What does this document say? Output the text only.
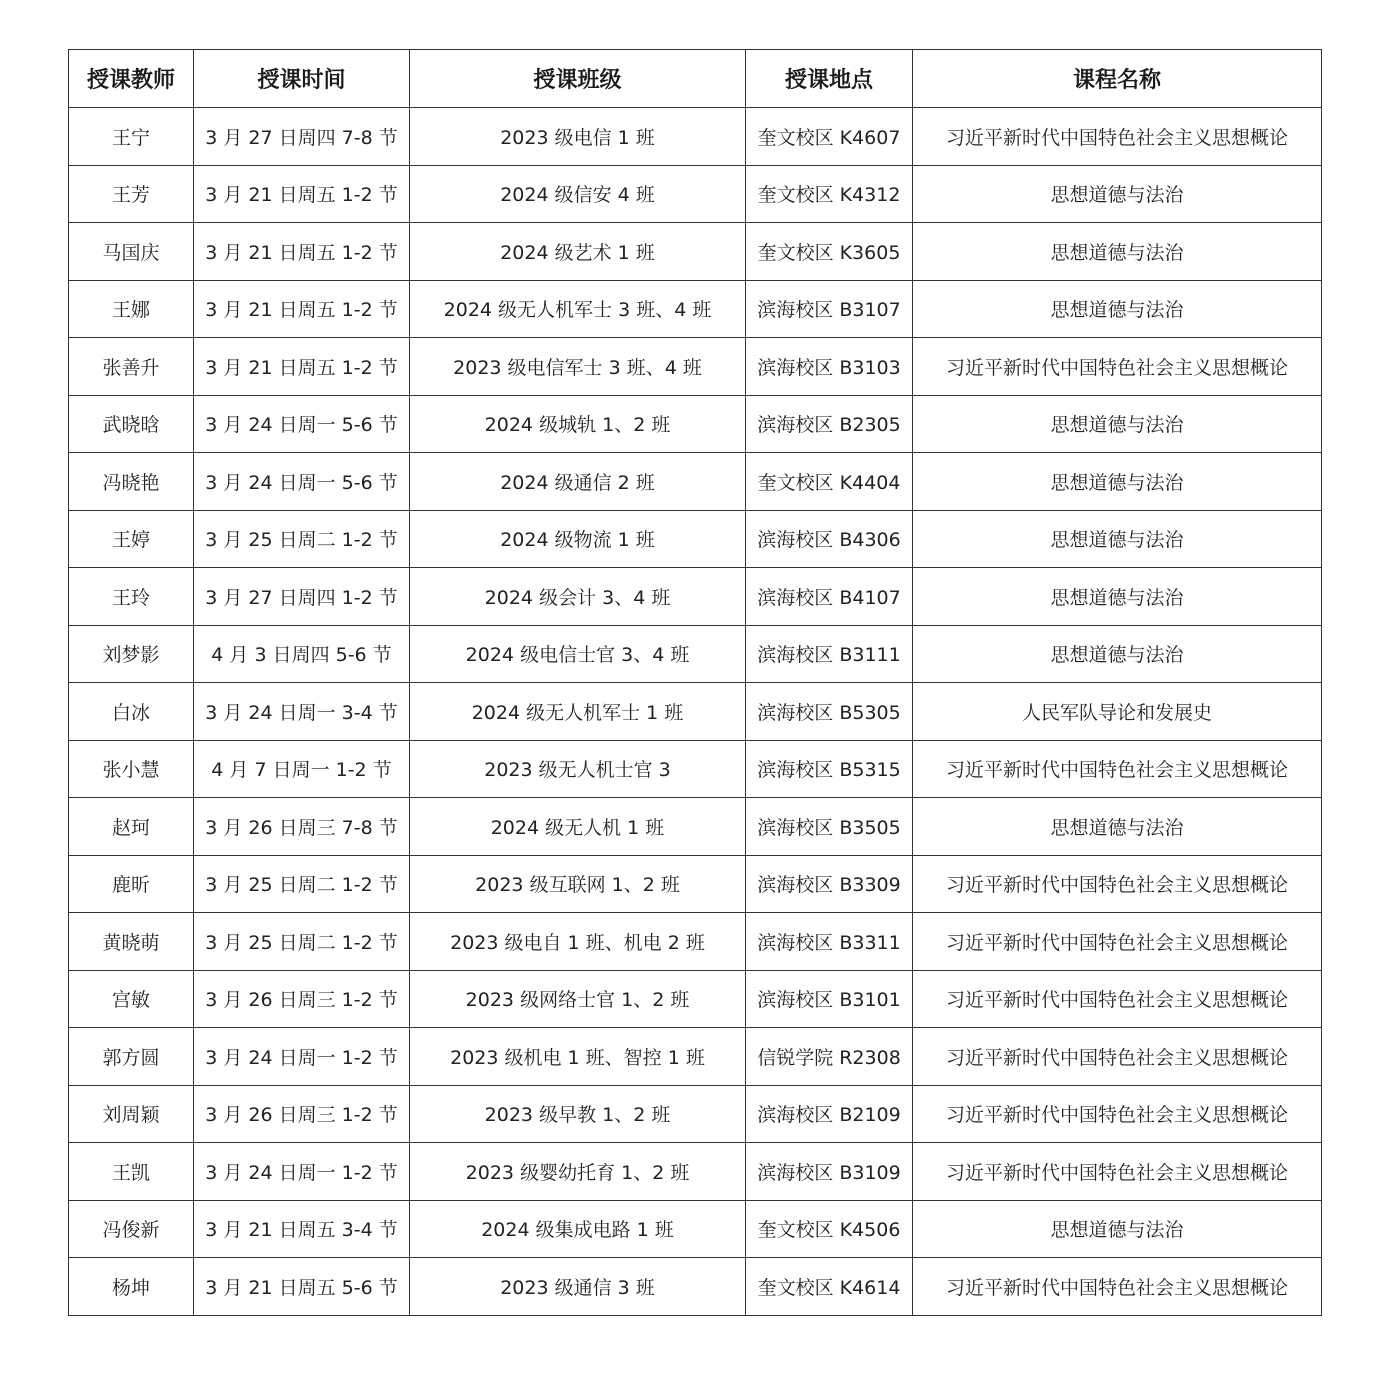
授课教师	授课时间	授课班级	授课地点	课程名称
王宁	3 月 27 日周四 7-8 节	2023 级电信 1 班	奎文校区 K4607	习近平新时代中国特色社会主义思想概论
王芳	3 月 21 日周五 1-2 节	2024 级信安 4 班	奎文校区 K4312	思想道德与法治
马国庆	3 月 21 日周五 1-2 节	2024 级艺术 1 班	奎文校区 K3605	思想道德与法治
王娜	3 月 21 日周五 1-2 节	2024 级无人机军士 3 班、4 班	滨海校区 B3107	思想道德与法治
张善升	3 月 21 日周五 1-2 节	2023 级电信军士 3 班、4 班	滨海校区 B3103	习近平新时代中国特色社会主义思想概论
武晓晗	3 月 24 日周一 5-6 节	2024 级城轨 1、2 班	滨海校区 B2305	思想道德与法治
冯晓艳	3 月 24 日周一 5-6 节	2024 级通信 2 班	奎文校区 K4404	思想道德与法治
王婷	3 月 25 日周二 1-2 节	2024 级物流 1 班	滨海校区 B4306	思想道德与法治
王玲	3 月 27 日周四 1-2 节	2024 级会计 3、4 班	滨海校区 B4107	思想道德与法治
刘梦影	4 月 3 日周四 5-6 节	2024 级电信士官 3、4 班	滨海校区 B3111	思想道德与法治
白冰	3 月 24 日周一 3-4 节	2024 级无人机军士 1 班	滨海校区 B5305	人民军队导论和发展史
张小慧	4 月 7 日周一 1-2 节	2023 级无人机士官 3	滨海校区 B5315	习近平新时代中国特色社会主义思想概论
赵珂	3 月 26 日周三 7-8 节	2024 级无人机 1 班	滨海校区 B3505	思想道德与法治
鹿昕	3 月 25 日周二 1-2 节	2023 级互联网 1、2 班	滨海校区 B3309	习近平新时代中国特色社会主义思想概论
黄晓萌	3 月 25 日周二 1-2 节	2023 级电自 1 班、机电 2 班	滨海校区 B3311	习近平新时代中国特色社会主义思想概论
宫敏	3 月 26 日周三 1-2 节	2023 级网络士官 1、2 班	滨海校区 B3101	习近平新时代中国特色社会主义思想概论
郭方圆	3 月 24 日周一 1-2 节	2023 级机电 1 班、智控 1 班	信锐学院 R2308	习近平新时代中国特色社会主义思想概论
刘周颖	3 月 26 日周三 1-2 节	2023 级早教 1、2 班	滨海校区 B2109	习近平新时代中国特色社会主义思想概论
王凯	3 月 24 日周一 1-2 节	2023 级婴幼托育 1、2 班	滨海校区 B3109	习近平新时代中国特色社会主义思想概论
冯俊新	3 月 21 日周五 3-4 节	2024 级集成电路 1 班	奎文校区 K4506	思想道德与法治
杨坤	3 月 21 日周五 5-6 节	2023 级通信 3 班	奎文校区 K4614	习近平新时代中国特色社会主义思想概论
